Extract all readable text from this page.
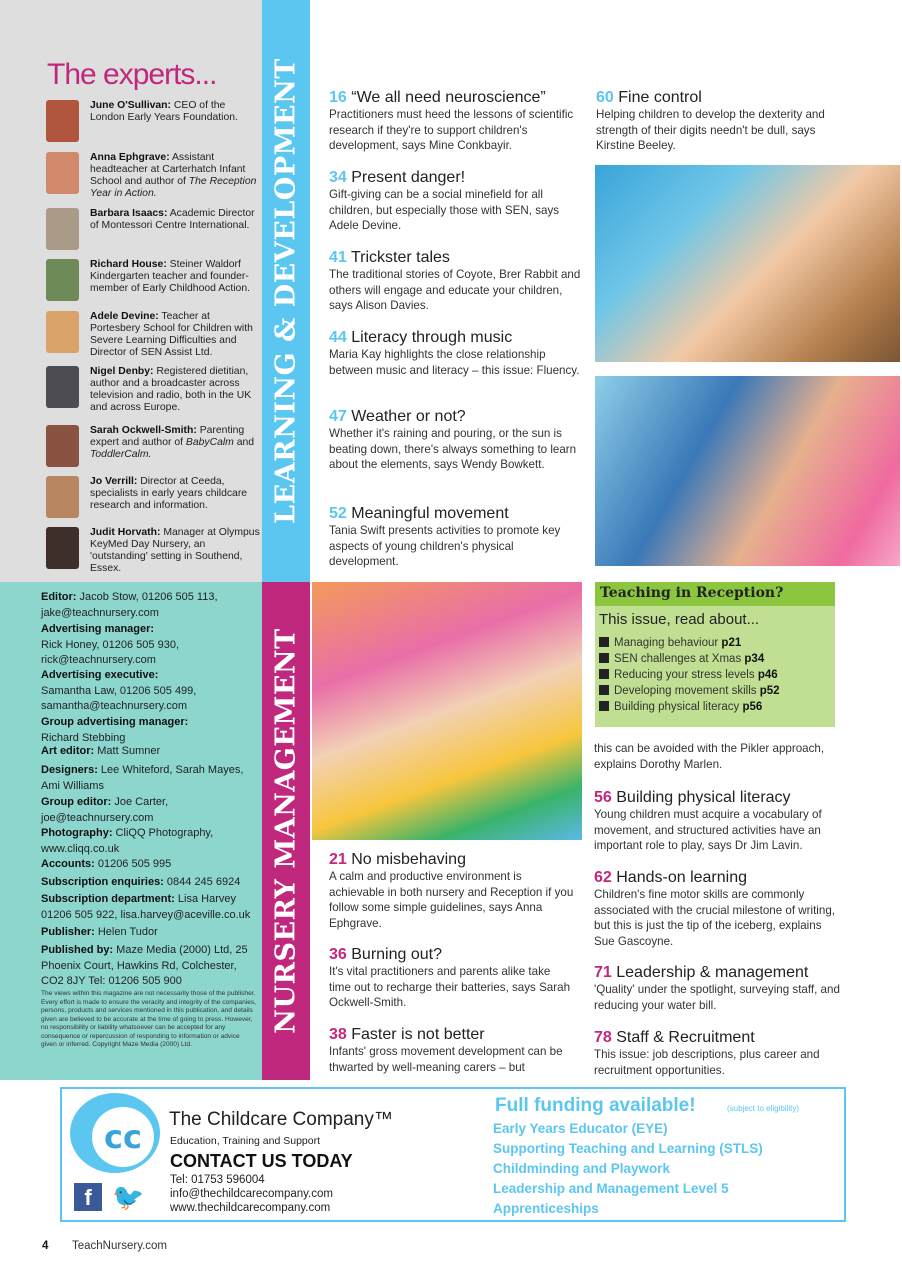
The experts...
June O'Sullivan: CEO of the London Early Years Foundation.
Anna Ephgrave: Assistant headteacher at Carterhatch Infant School and author of The Reception Year in Action.
Barbara Isaacs: Academic Director of Montessori Centre International.
Richard House: Steiner Waldorf Kindergarten teacher and founder-member of Early Childhood Action.
Adele Devine: Teacher at Portesbery School for Children with Severe Learning Difficulties and Director of SEN Assist Ltd.
Nigel Denby: Registered dietitian, author and a broadcaster across television and radio, both in the UK and across Europe.
Sarah Ockwell-Smith: Parenting expert and author of BabyCalm and ToddlerCalm.
Jo Verrill: Director at Ceeda, specialists in early years childcare research and information.
Judit Horvath: Manager at Olympus KeyMed Day Nursery, an 'outstanding' setting in Southend, Essex.
Editor: Jacob Stow, 01206 505 113, jake@teachnursery.com
Advertising manager:
Rick Honey, 01206 505 930, rick@teachnursery.com
Advertising executive:
Samantha Law, 01206 505 499, samantha@teachnursery.com
Group advertising manager:
Richard Stebbing
Art editor: Matt Sumner
Designers: Lee Whiteford, Sarah Mayes, Ami Williams
Group editor: Joe Carter, joe@teachnursery.com
Photography: CliQQ Photography, www.cliqq.co.uk
Accounts: 01206 505 995
Subscription enquiries: 0844 245 6924
Subscription department: Lisa Harvey 01206 505 922, lisa.harvey@aceville.co.uk
Publisher: Helen Tudor
Published by: Maze Media (2000) Ltd, 25 Phoenix Court, Hawkins Rd, Colchester, CO2 8JY Tel: 01206 505 900
The views within this magazine are not necessarily those of the publisher. Every effort is made to ensure the veracity and integrity of the companies, persons, products and services mentioned in this publication, and details given are believed to be accurate at the time of going to press. However, no responsibility or liability whatsoever can be accepted for any consequence or repercussion of responding to information or advice given or inferred. Copyright Maze Media (2000) Ltd.
LEARNING & DEVELOPMENT
NURSERY MANAGEMENT
16 “We all need neuroscience”

Practitioners must heed the lessons of scientific research if they're to support children's development, says Mine Conkbayir.

34 Present danger!

Gift-giving can be a social minefield for all children, but especially those with SEN, says Adele Devine.

41 Trickster tales

The traditional stories of Coyote, Brer Rabbit and others will engage and educate your children, says Alison Davies.

44 Literacy through music

Maria Kay highlights the close relationship between music and literacy – this issue: Fluency.

47 Weather or not?

Whether it's raining and pouring, or the sun is beating down, there's always something to learn about the elements, says Wendy Bowkett.

52 Meaningful movement

Tania Swift presents activities to promote key aspects of young children's physical development.

60 Fine control

Helping children to develop the dexterity and strength of their digits needn't be dull, says Kirstine Beeley.

21 No misbehaving

A calm and productive environment is achievable in both nursery and Reception if you follow some simple guidelines, says Anna Ephgrave.

36 Burning out?

It's vital practitioners and parents alike take time out to recharge their batteries, says Sarah Ockwell-Smith.

38 Faster is not better

Infants' gross movement development can be thwarted by well-meaning carers – but

56 Building physical literacy

Young children must acquire a vocabulary of movement, and structured activities have an important role to play, says Dr Jim Lavin.

62 Hands-on learning

Children's fine motor skills are commonly associated with the crucial milestone of writing, but this is just the tip of the iceberg, explains Sue Gascoyne.

71 Leadership & management

'Quality' under the spotlight, surveying staff, and reducing your water bill.

78 Staff & Recruitment

This issue: job descriptions, plus career and recruitment opportunities.

this can be avoided with the Pikler approach, explains Dorothy Marlen.

Teaching in Reception?
This issue, read about...
Managing behaviour p21
SEN challenges at Xmas p34
Reducing your stress levels p46
Developing movement skills p52
Building physical literacy p56
cc
f 🐦
The Childcare Company™
Education, Training and Support
CONTACT US TODAY
Tel: 01753 596004
info@thechildcarecompany.com
www.thechildcarecompany.com
Full funding available!	(subject to eligibility)
Early Years Educator (EYE)
Supporting Teaching and Learning (STLS)
Childminding and Playwork
Leadership and Management Level 5
Apprenticeships
4 TeachNursery.com
